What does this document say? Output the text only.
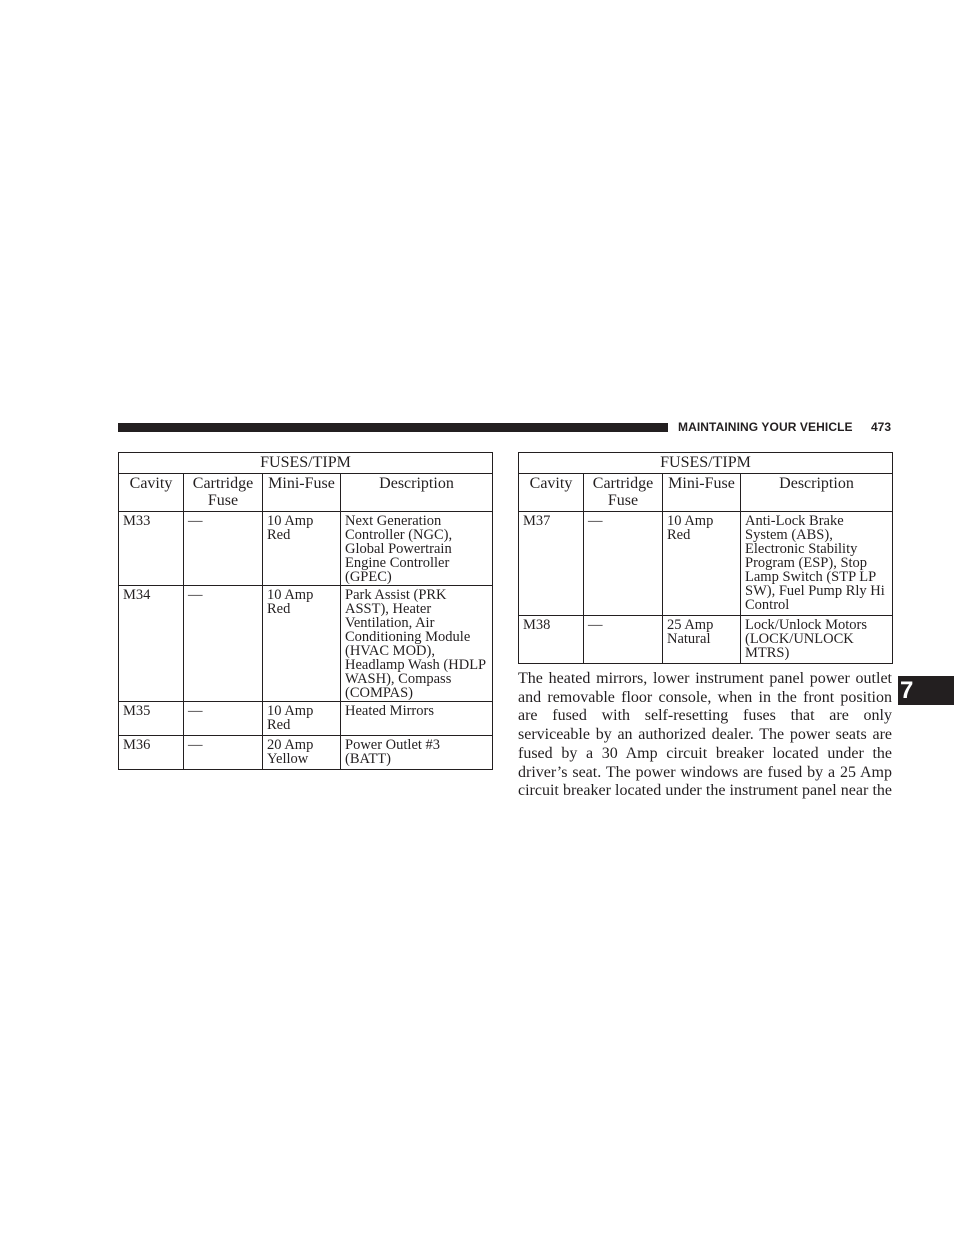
MAINTAINING YOUR VEHICLE 473
7
FUSES/TIPM			
Cavity	Cartridge Fuse	Mini-Fuse	Description
M33	—	10 Amp Red	Next Generation Controller (NGC), Global Powertrain Engine Controller (GPEC)
M34	—	10 Amp Red	Park Assist (PRK ASST), Heater Ventilation, Air Conditioning Module (HVAC MOD), Headlamp Wash (HDLP WASH), Compass (COMPAS)
M35	—	10 Amp Red	Heated Mirrors
M36	—	20 Amp Yellow	Power Outlet #3 (BATT)
FUSES/TIPM			
Cavity	Cartridge Fuse	Mini-Fuse	Description
M37	—	10 Amp Red	Anti-Lock Brake System (ABS), Electronic Stability Program (ESP), Stop Lamp Switch (STP LP SW), Fuel Pump Rly Hi Control
M38	—	25 Amp Natural	Lock/Unlock Motors (LOCK/UNLOCK MTRS)
The heated mirrors, lower instrument panel power outlet and removable floor console, when in the front position are fused with self-resetting fuses that are only serviceable by an authorized dealer. The power seats are fused by a 30 Amp circuit breaker located under the driver’s seat. The power windows are fused by a 25 Amp circuit breaker located under the instrument panel near the
